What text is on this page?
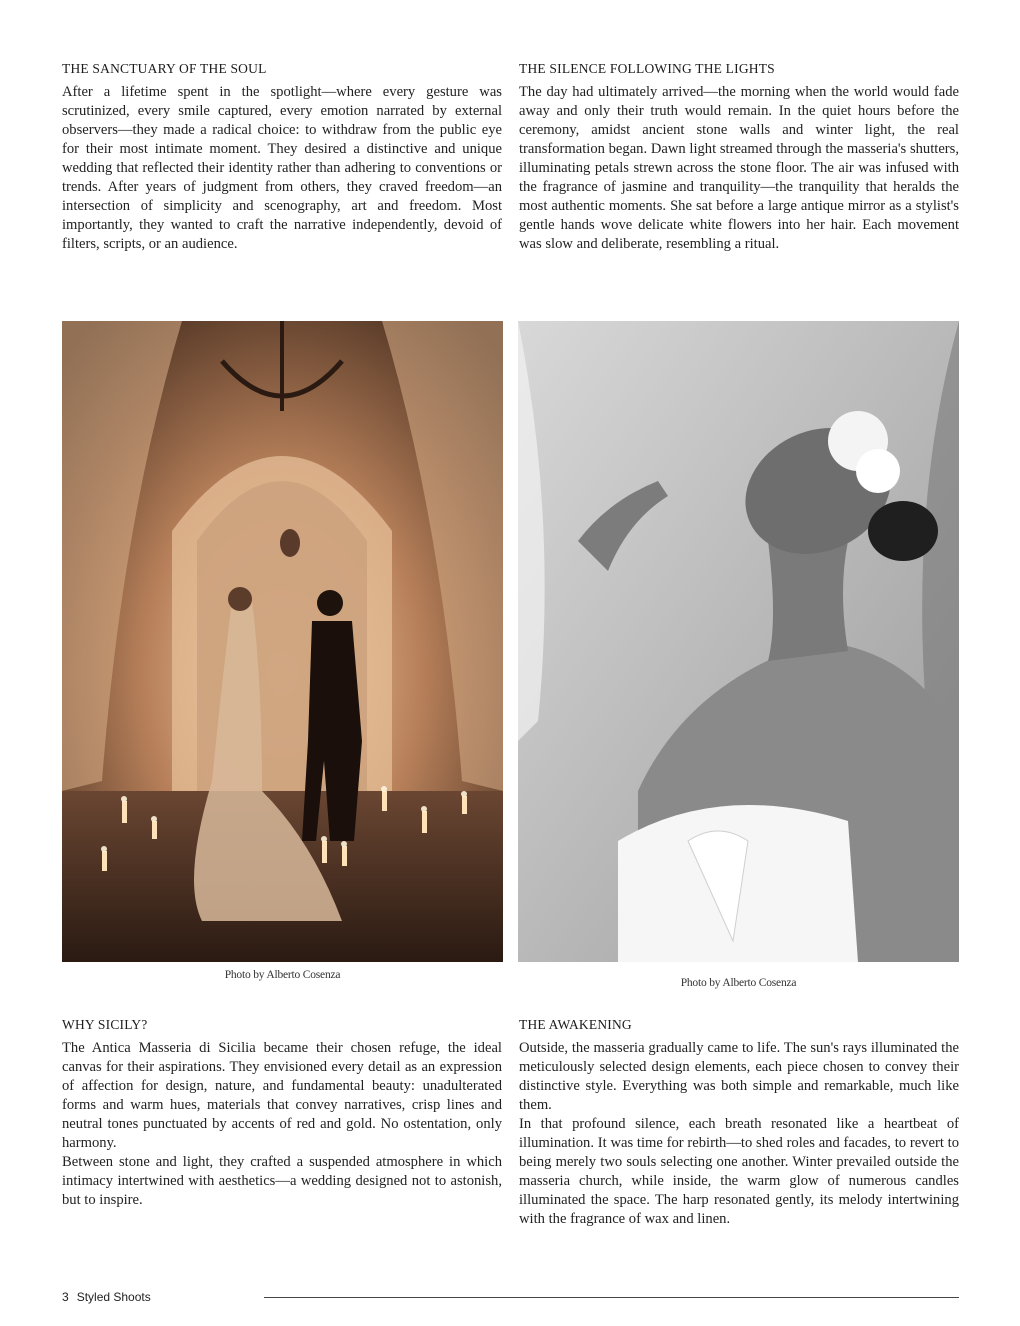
THE SANCTUARY OF THE SOUL

After a lifetime spent in the spotlight—where every gesture was scrutinized, every smile captured, every emotion narrated by external observers—they made a radical choice: to withdraw from the public eye for their most intimate moment. They desired a distinctive and unique wedding that reflected their identity rather than adhering to conventions or trends. After years of judgment from others, they craved freedom—an intersection of simplicity and scenography, art and freedom. Most importantly, they wanted to craft the narrative independently, devoid of filters, scripts, or an audience.

THE SILENCE FOLLOWING THE LIGHTS

The day had ultimately arrived—the morning when the world would fade away and only their truth would remain. In the quiet hours before the ceremony, amidst ancient stone walls and winter light, the real transformation began. Dawn light streamed through the masseria's shutters, illuminating petals strewn across the stone floor. The air was infused with the fragrance of jasmine and tranquility—the tranquility that heralds the most authentic moments. She sat before a large antique mirror as a stylist's gentle hands wove delicate white flowers into her hair. Each movement was slow and deliberate, resembling a ritual.

Photo by Alberto Cosenza
Photo by Alberto Cosenza
WHY SICILY?

The Antica Masseria di Sicilia became their chosen refuge, the ideal canvas for their aspirations. They envisioned every detail as an expression of affection for design, nature, and fundamental beauty: unadulterated forms and warm hues, materials that convey narratives, crisp lines and neutral tones punctuated by accents of red and gold. No ostentation, only harmony.

Between stone and light, they crafted a suspended atmosphere in which intimacy intertwined with aesthetics—a wedding designed not to astonish, but to inspire.

THE AWAKENING

Outside, the masseria gradually came to life. The sun's rays illuminated the meticulously selected design elements, each piece chosen to convey their distinctive style. Everything was both simple and remarkable, much like them.

In that profound silence, each breath resonated like a heartbeat of illumination. It was time for rebirth—to shed roles and facades, to revert to being merely two souls selecting one another. Winter prevailed outside the masseria church, while inside, the warm glow of numerous candles illuminated the space. The harp resonated gently, its melody intertwining with the fragrance of wax and linen.

3 Styled Shoots
